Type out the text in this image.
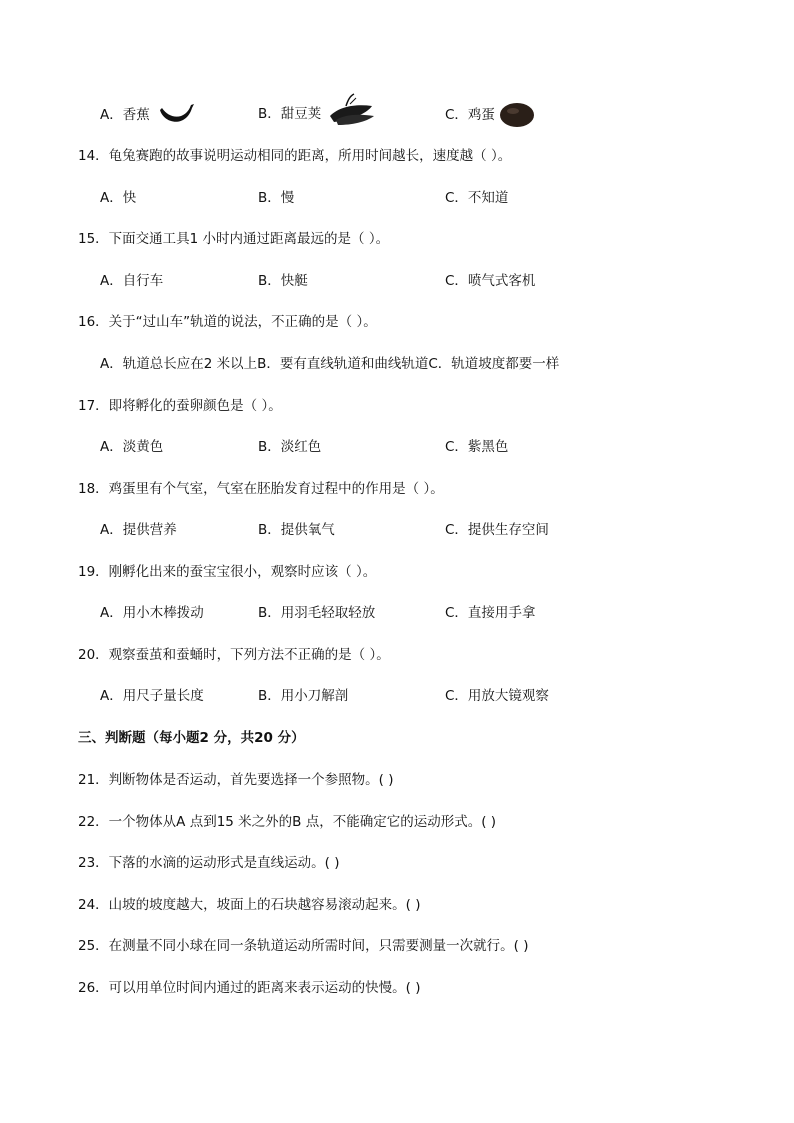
A．香蕉	B．甜豆荚	C．鸡蛋
14．龟兔赛跑的故事说明运动相同的距离，所用时间越长，速度越（ ）。
A．快	B．慢	C．不知道
15．下面交通工具1 小时内通过距离最远的是（ ）。
A．自行车	B．快艇	C．喷气式客机
16．关于“过山车”轨道的说法，不正确的是（ ）。
A．轨道总长应在2 米以上B．要有直线轨道和曲线轨道C．轨道坡度都要一样
17．即将孵化的蚕卵颜色是（ ）。
A．淡黄色	B．淡红色	C．紫黑色
18．鸡蛋里有个气室，气室在胚胎发育过程中的作用是（ ）。
A．提供营养	B．提供氧气	C．提供生存空间
19．刚孵化出来的蚕宝宝很小，观察时应该（ ）。
A．用小木棒拨动	B．用羽毛轻取轻放	C．直接用手拿
20．观察蚕茧和蚕蛹时，下列方法不正确的是（ ）。
A．用尺子量长度	B．用小刀解剖	C．用放大镜观察
三、判断题（每小题2 分，共20 分）
21．判断物体是否运动，首先要选择一个参照物。( )
22．一个物体从A 点到15 米之外的B 点，不能确定它的运动形式。( )
23．下落的水滴的运动形式是直线运动。( )
24．山坡的坡度越大，坡面上的石块越容易滚动起来。( )
25．在测量不同小球在同一条轨道运动所需时间，只需要测量一次就行。( )
26．可以用单位时间内通过的距离来表示运动的快慢。( )
